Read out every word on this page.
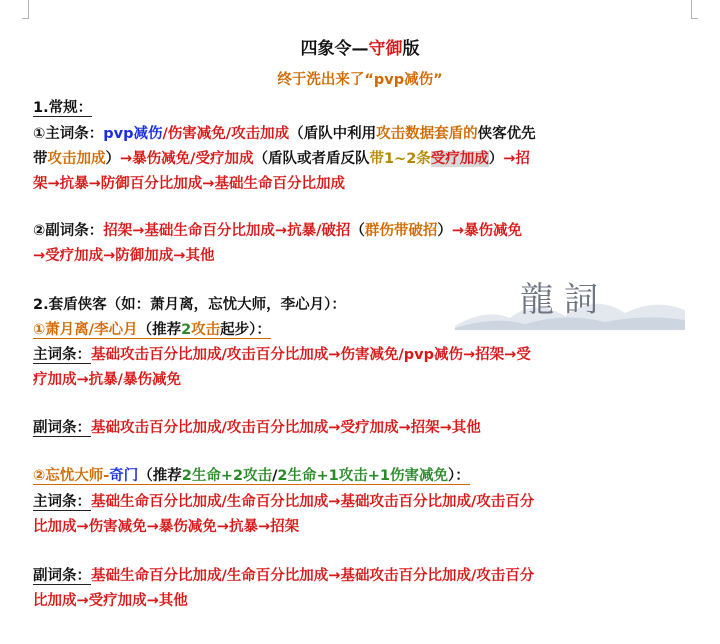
四象令—守御版
终于洗出来了“pvp减伤”
1.常规：
①主词条：pvp减伤/伤害减免/攻击加成（盾队中利用攻击数据套盾的侠客优先
带攻击加成）→暴伤减免/受疗加成（盾队或者盾反队带1~2条受疗加成）→招
架→抗暴→防御百分比加成→基础生命百分比加成
②副词条：招架→基础生命百分比加成→抗暴/破招（群伤带破招）→暴伤减免
→受疗加成→防御加成→其他
龍詞
2.套盾侠客（如：萧月离，忘忧大师，李心月）：
①萧月离/李心月（推荐2攻击起步）：
主词条：基础攻击百分比加成/攻击百分比加成→伤害减免/pvp减伤→招架→受
疗加成→抗暴/暴伤减免
副词条：基础攻击百分比加成/攻击百分比加成→受疗加成→招架→其他
②忘忧大师-奇门（推荐2生命+2攻击/2生命+1攻击+1伤害减免）：
主词条：基础生命百分比加成/生命百分比加成→基础攻击百分比加成/攻击百分
比加成→伤害减免→暴伤减免→抗暴→招架
副词条：基础生命百分比加成/生命百分比加成→基础攻击百分比加成/攻击百分
比加成→受疗加成→其他
